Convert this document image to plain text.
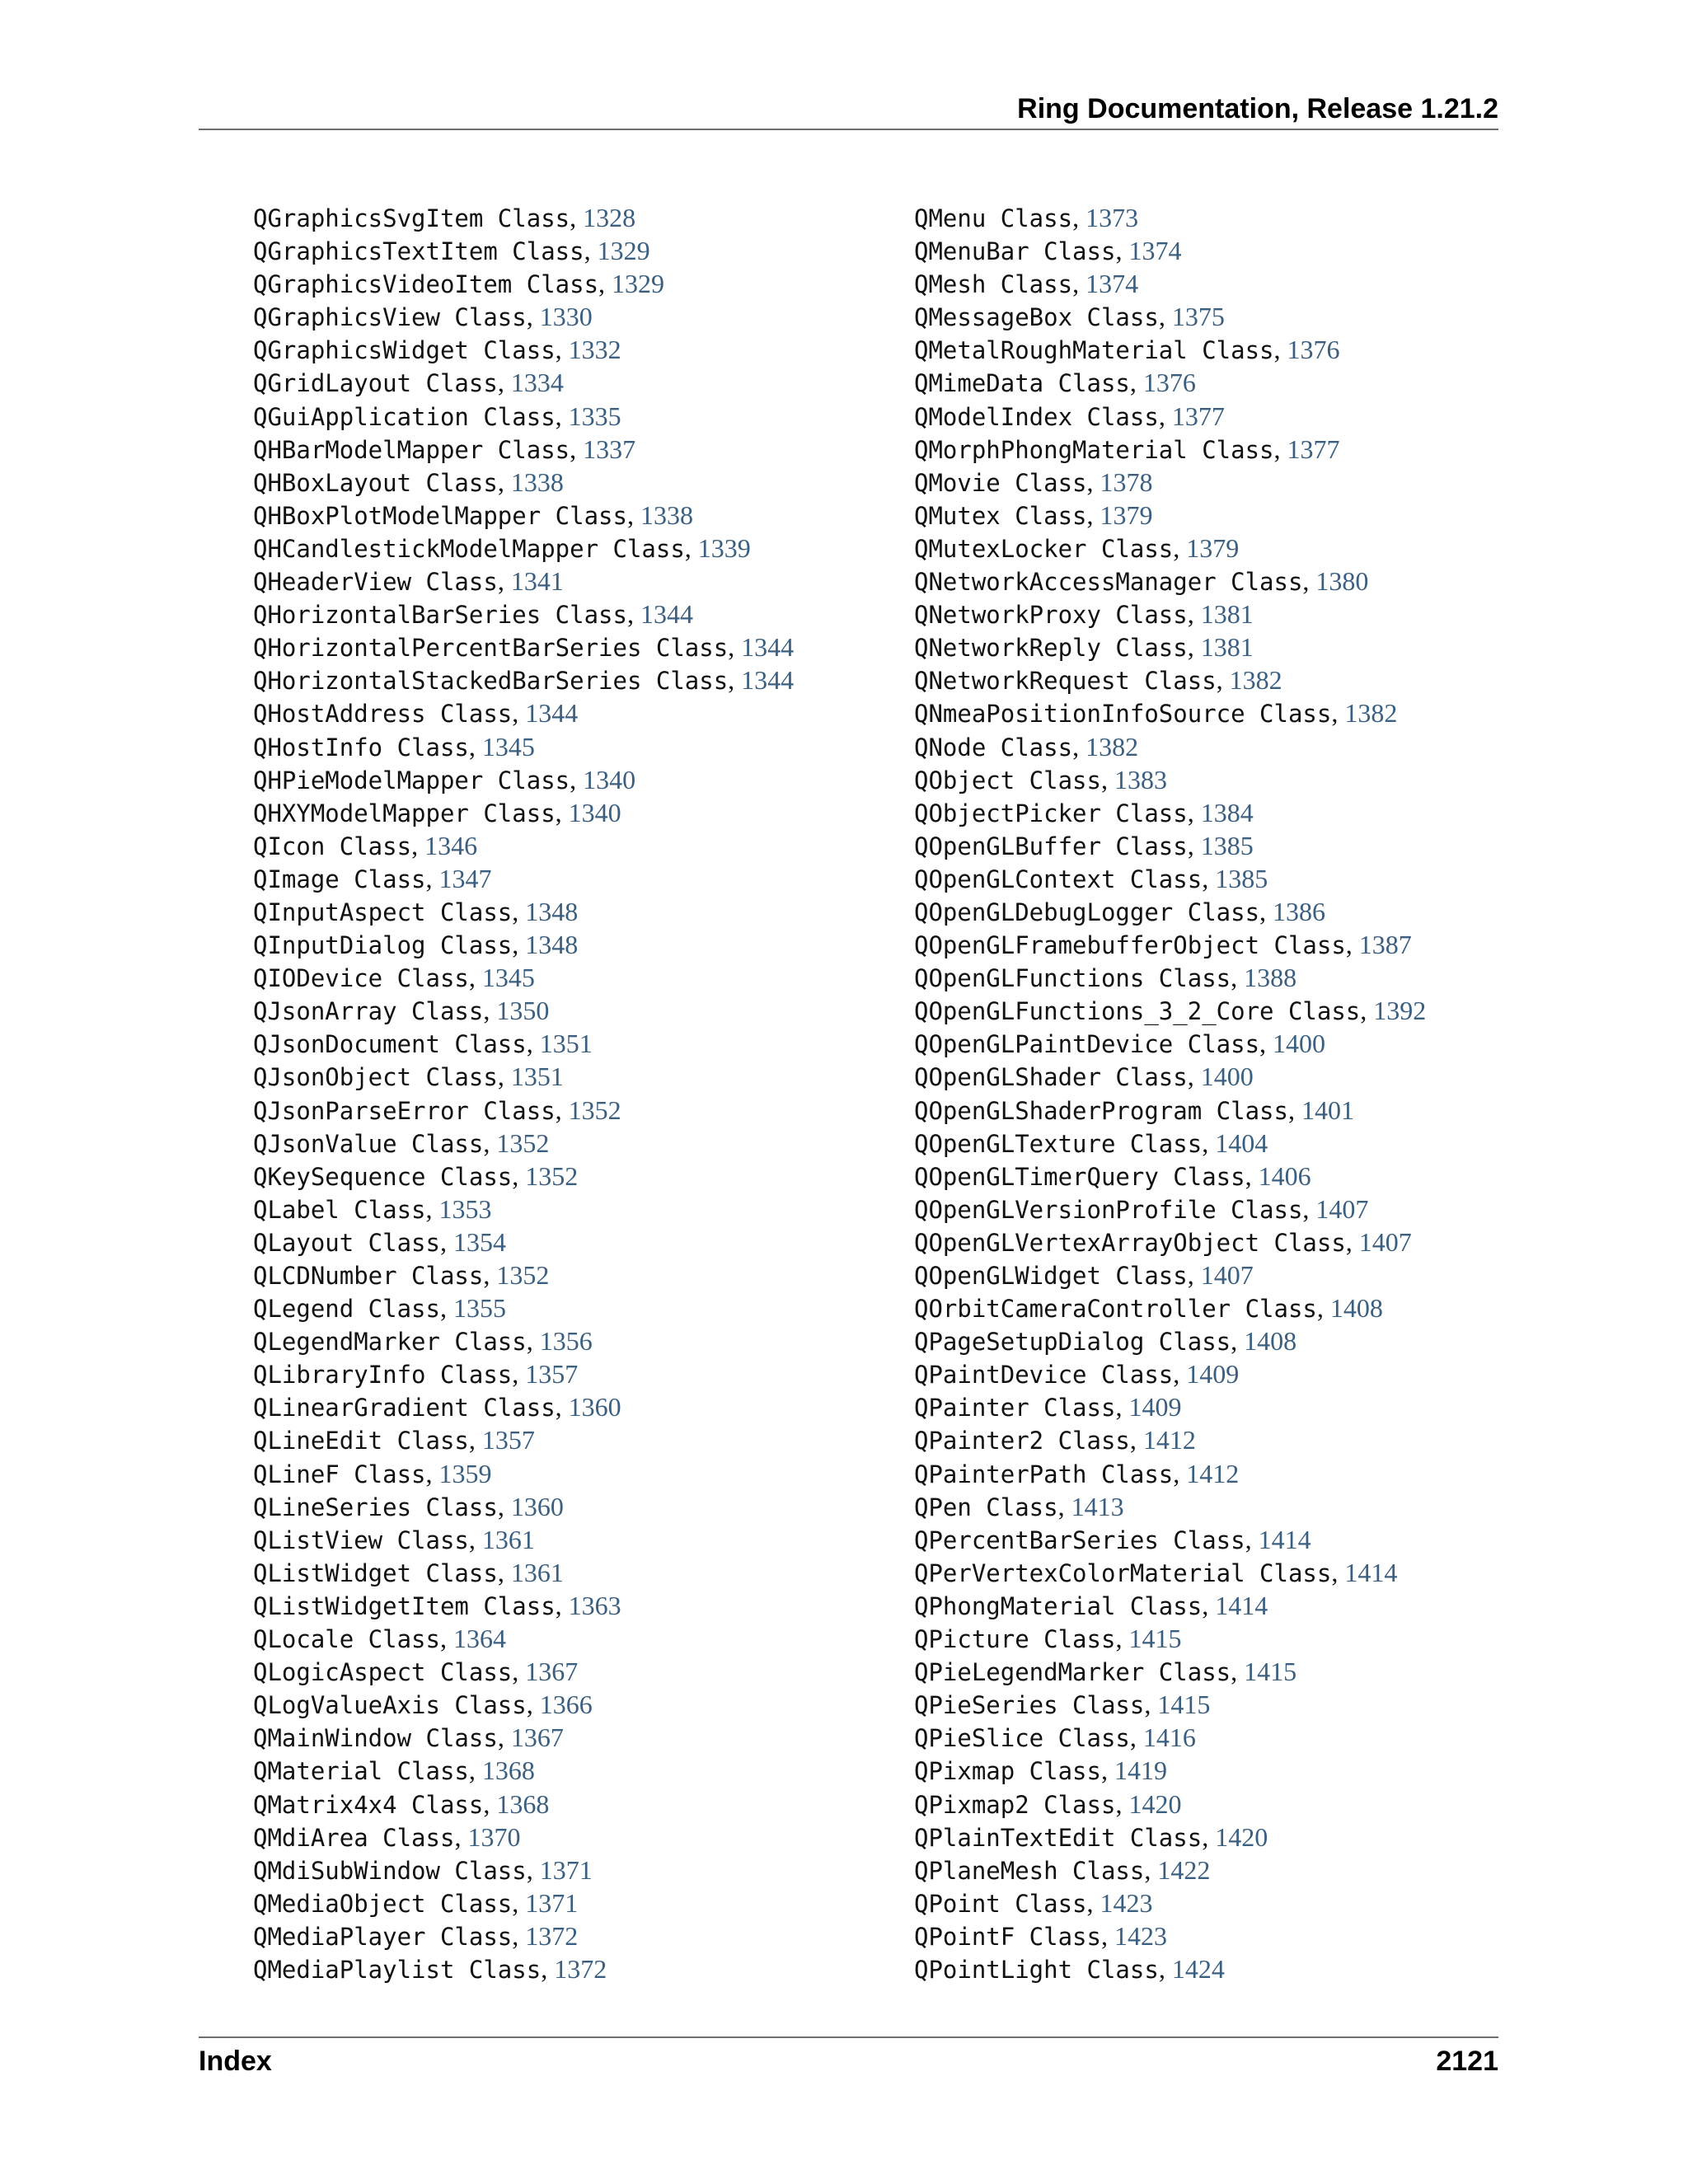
Ring Documentation, Release 1.21.2
QGraphicsSvgItem Class, 1328
QGraphicsTextItem Class, 1329
QGraphicsVideoItem Class, 1329
QGraphicsView Class, 1330
QGraphicsWidget Class, 1332
QGridLayout Class, 1334
QGuiApplication Class, 1335
QHBarModelMapper Class, 1337
QHBoxLayout Class, 1338
QHBoxPlotModelMapper Class, 1338
QHCandlestickModelMapper Class, 1339
QHeaderView Class, 1341
QHorizontalBarSeries Class, 1344
QHorizontalPercentBarSeries Class, 1344
QHorizontalStackedBarSeries Class, 1344
QHostAddress Class, 1344
QHostInfo Class, 1345
QHPieModelMapper Class, 1340
QHXYModelMapper Class, 1340
QIcon Class, 1346
QImage Class, 1347
QInputAspect Class, 1348
QInputDialog Class, 1348
QIODevice Class, 1345
QJsonArray Class, 1350
QJsonDocument Class, 1351
QJsonObject Class, 1351
QJsonParseError Class, 1352
QJsonValue Class, 1352
QKeySequence Class, 1352
QLabel Class, 1353
QLayout Class, 1354
QLCDNumber Class, 1352
QLegend Class, 1355
QLegendMarker Class, 1356
QLibraryInfo Class, 1357
QLinearGradient Class, 1360
QLineEdit Class, 1357
QLineF Class, 1359
QLineSeries Class, 1360
QListView Class, 1361
QListWidget Class, 1361
QListWidgetItem Class, 1363
QLocale Class, 1364
QLogicAspect Class, 1367
QLogValueAxis Class, 1366
QMainWindow Class, 1367
QMaterial Class, 1368
QMatrix4x4 Class, 1368
QMdiArea Class, 1370
QMdiSubWindow Class, 1371
QMediaObject Class, 1371
QMediaPlayer Class, 1372
QMediaPlaylist Class, 1372
QMenu Class, 1373
QMenuBar Class, 1374
QMesh Class, 1374
QMessageBox Class, 1375
QMetalRoughMaterial Class, 1376
QMimeData Class, 1376
QModelIndex Class, 1377
QMorphPhongMaterial Class, 1377
QMovie Class, 1378
QMutex Class, 1379
QMutexLocker Class, 1379
QNetworkAccessManager Class, 1380
QNetworkProxy Class, 1381
QNetworkReply Class, 1381
QNetworkRequest Class, 1382
QNmeaPositionInfoSource Class, 1382
QNode Class, 1382
QObject Class, 1383
QObjectPicker Class, 1384
QOpenGLBuffer Class, 1385
QOpenGLContext Class, 1385
QOpenGLDebugLogger Class, 1386
QOpenGLFramebufferObject Class, 1387
QOpenGLFunctions Class, 1388
QOpenGLFunctions_3_2_Core Class, 1392
QOpenGLPaintDevice Class, 1400
QOpenGLShader Class, 1400
QOpenGLShaderProgram Class, 1401
QOpenGLTexture Class, 1404
QOpenGLTimerQuery Class, 1406
QOpenGLVersionProfile Class, 1407
QOpenGLVertexArrayObject Class, 1407
QOpenGLWidget Class, 1407
QOrbitCameraController Class, 1408
QPageSetupDialog Class, 1408
QPaintDevice Class, 1409
QPainter Class, 1409
QPainter2 Class, 1412
QPainterPath Class, 1412
QPen Class, 1413
QPercentBarSeries Class, 1414
QPerVertexColorMaterial Class, 1414
QPhongMaterial Class, 1414
QPicture Class, 1415
QPieLegendMarker Class, 1415
QPieSeries Class, 1415
QPieSlice Class, 1416
QPixmap Class, 1419
QPixmap2 Class, 1420
QPlainTextEdit Class, 1420
QPlaneMesh Class, 1422
QPoint Class, 1423
QPointF Class, 1423
QPointLight Class, 1424
Index	2121
